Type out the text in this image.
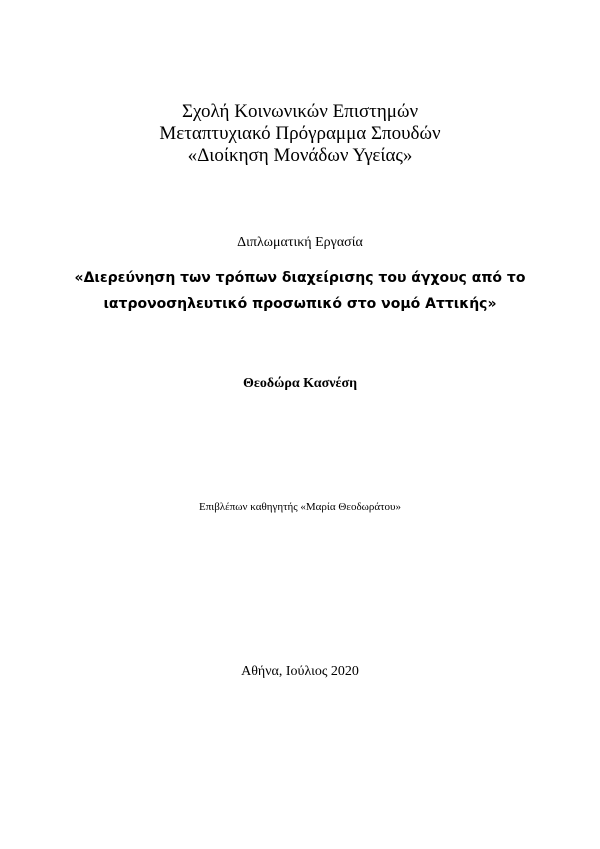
Σχολή Κοινωνικών Επιστημών
Μεταπτυχιακό Πρόγραμμα Σπουδών
«Διοίκηση Μονάδων Υγείας»
Διπλωματική Εργασία
«Διερεύνηση των τρόπων διαχείρισης του άγχους από το
ιατρονοσηλευτικό προσωπικό στο νομό Αττικής»
Θεοδώρα Κασνέση
Επιβλέπων καθηγητής «Μαρία Θεοδωράτου»
Αθήνα, Ιούλιος 2020
